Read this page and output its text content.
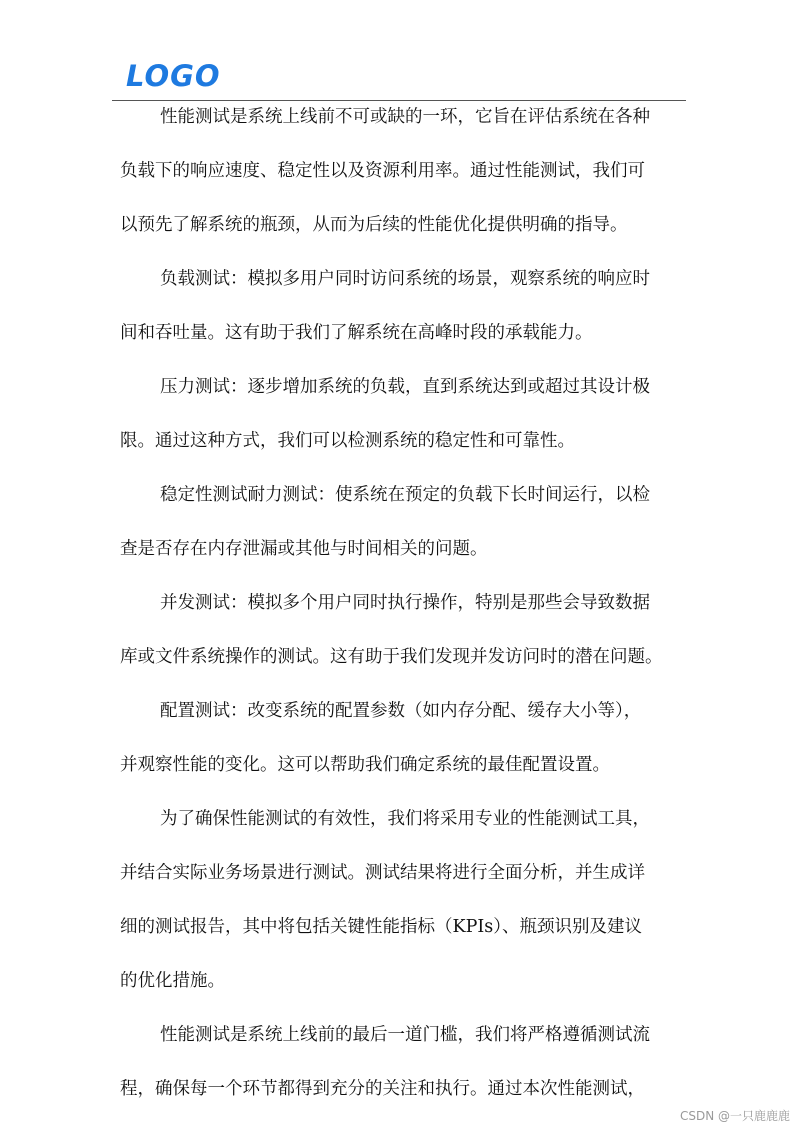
LOGO
性能测试是系统上线前不可或缺的一环，它旨在评估系统在各种
负载下的响应速度、稳定性以及资源利用率。通过性能测试，我们可
以预先了解系统的瓶颈，从而为后续的性能优化提供明确的指导。
负载测试：模拟多用户同时访问系统的场景，观察系统的响应时
间和吞吐量。这有助于我们了解系统在高峰时段的承载能力。
压力测试：逐步增加系统的负载，直到系统达到或超过其设计极
限。通过这种方式，我们可以检测系统的稳定性和可靠性。
稳定性测试耐力测试：使系统在预定的负载下长时间运行，以检
查是否存在内存泄漏或其他与时间相关的问题。
并发测试：模拟多个用户同时执行操作，特别是那些会导致数据
库或文件系统操作的测试。这有助于我们发现并发访问时的潜在问题。
配置测试：改变系统的配置参数（如内存分配、缓存大小等），
并观察性能的变化。这可以帮助我们确定系统的最佳配置设置。
为了确保性能测试的有效性，我们将采用专业的性能测试工具，
并结合实际业务场景进行测试。测试结果将进行全面分析，并生成详
细的测试报告，其中将包括关键性能指标（KPIs）、瓶颈识别及建议
的优化措施。
性能测试是系统上线前的最后一道门槛，我们将严格遵循测试流
程，确保每一个环节都得到充分的关注和执行。通过本次性能测试，
CSDN @一只鹿鹿鹿
